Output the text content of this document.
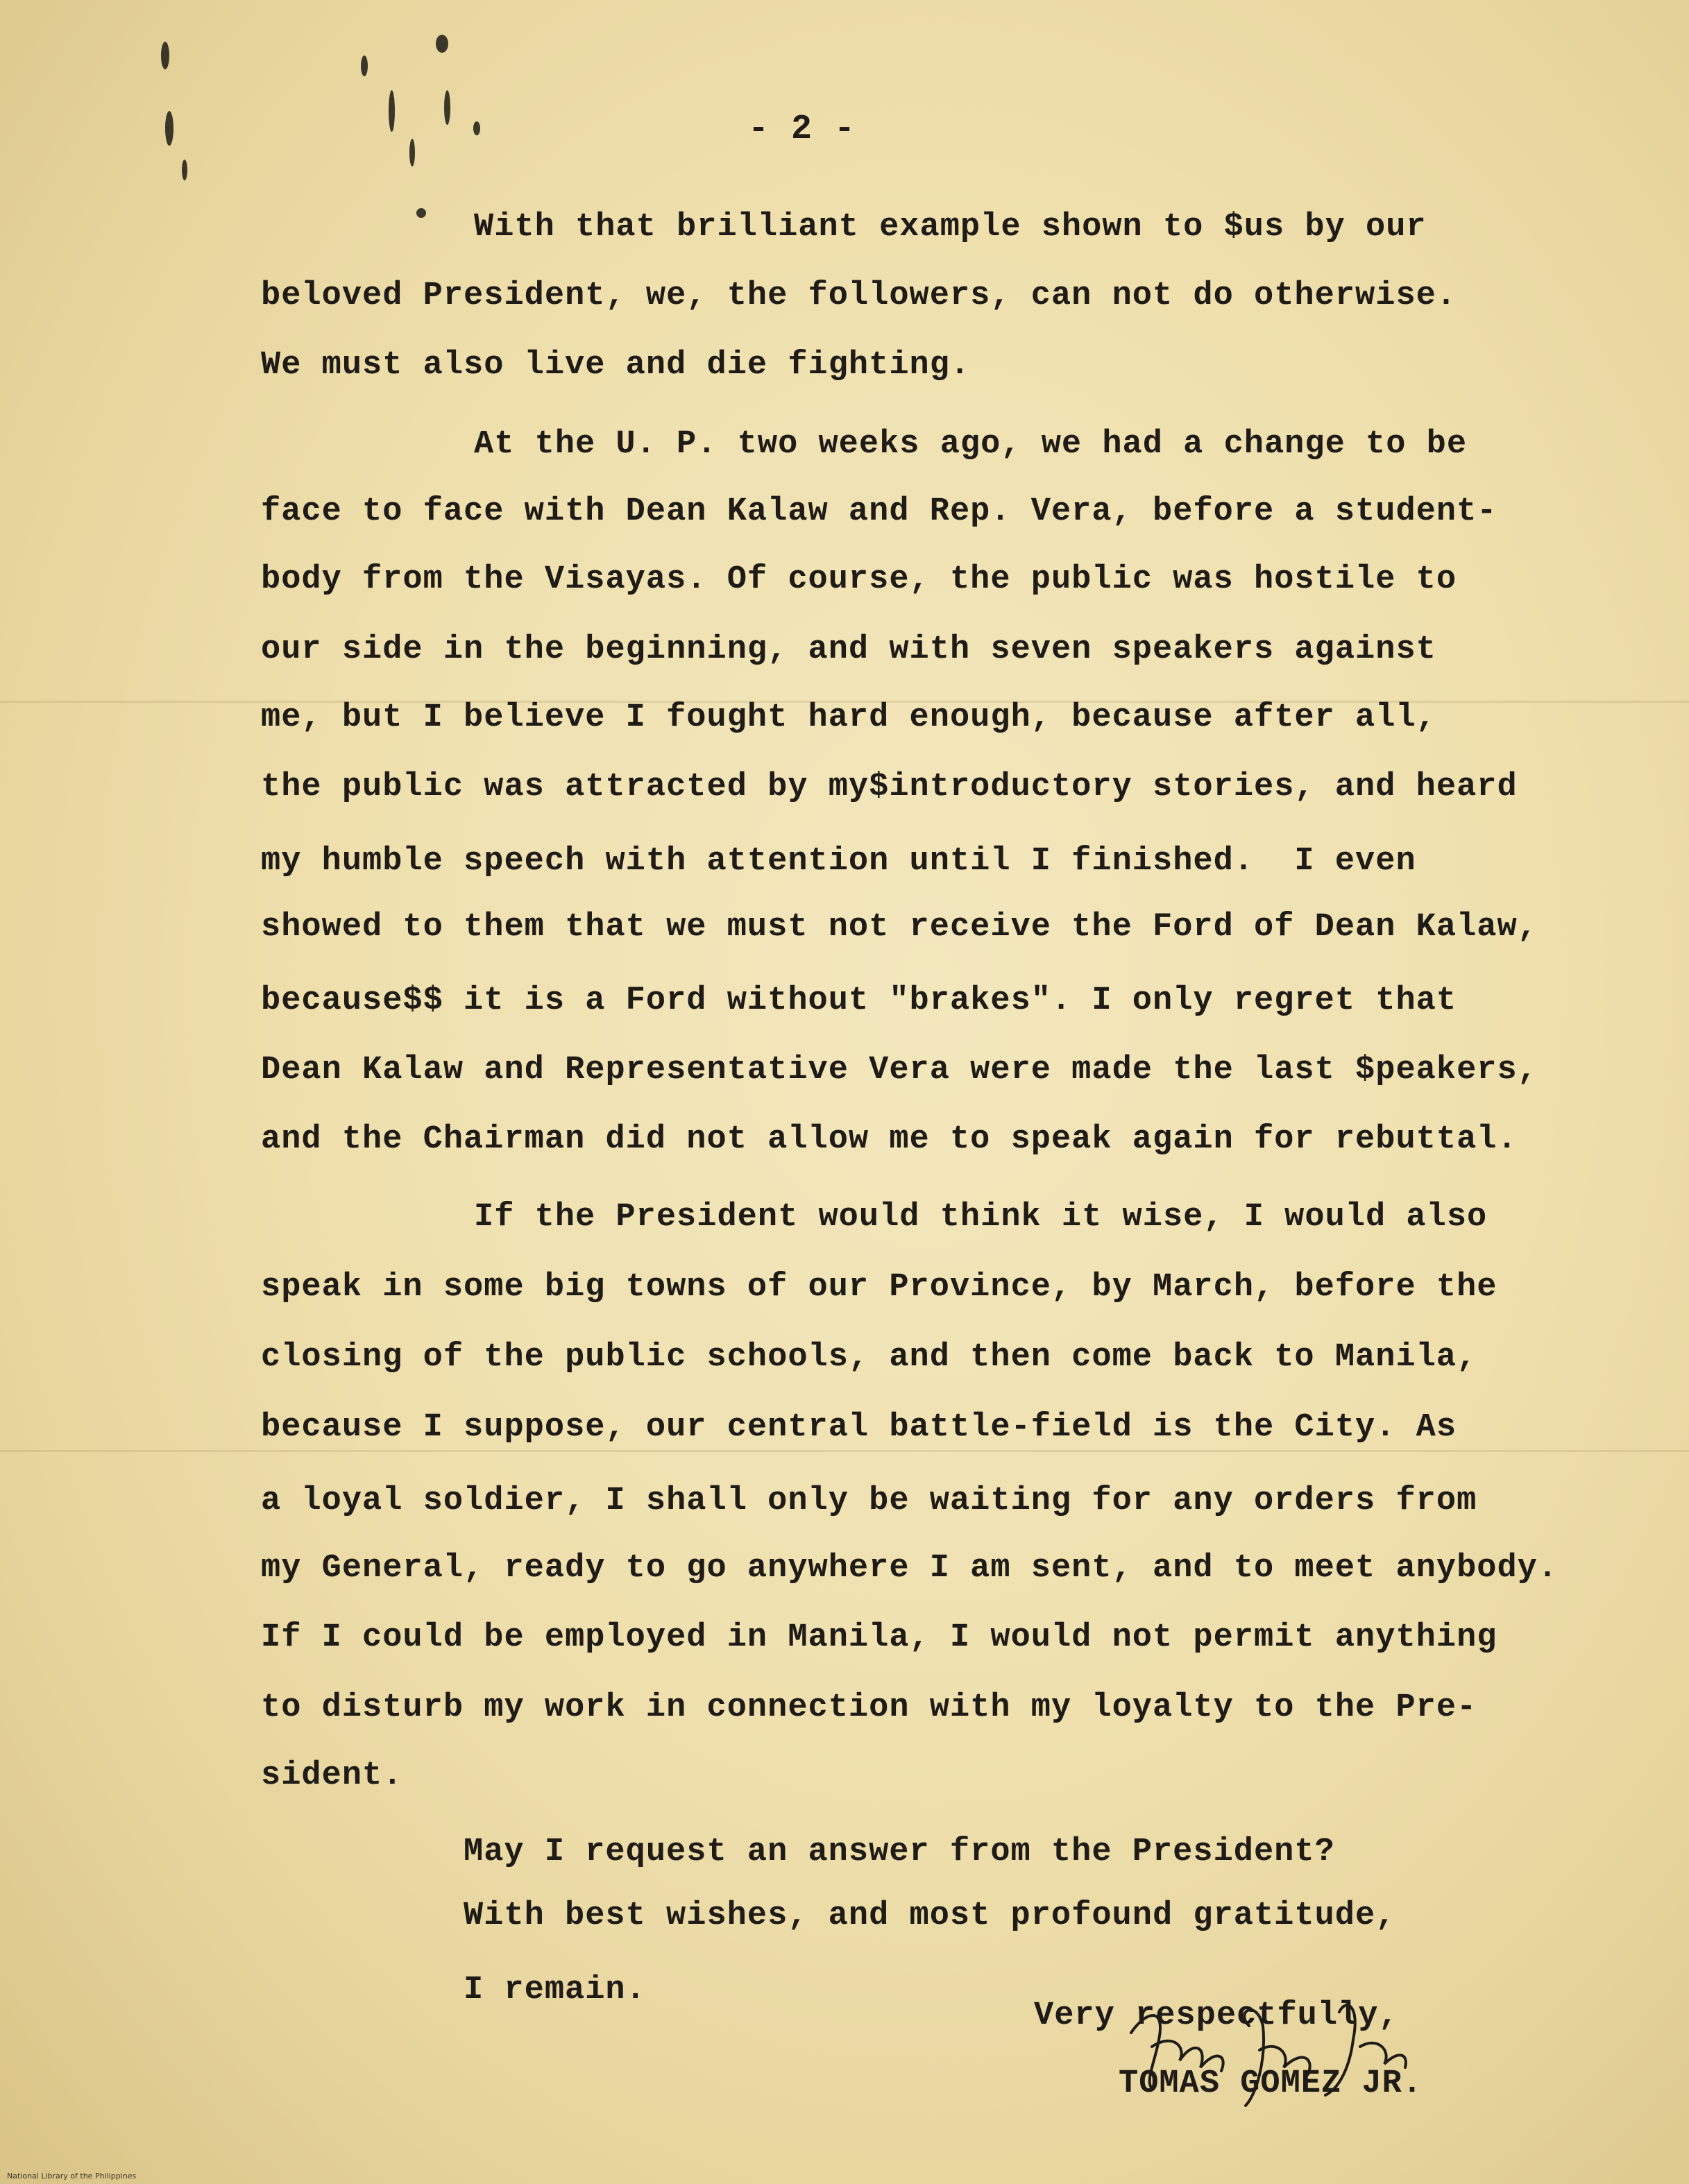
- 2 -
With that brilliant example shown to $us by our
beloved President, we, the followers, can not do otherwise.
We must also live and die fighting.
At the U. P. two weeks ago, we had a change to be
face to face with Dean Kalaw and Rep. Vera, before a student-
body from the Visayas. Of course, the public was hostile to
our side in the beginning, and with seven speakers against
me, but I believe I fought hard enough, because after all,
the public was attracted by my$introductory stories, and heard
my humble speech with attention until I finished.  I even
showed to them that we must not receive the Ford of Dean Kalaw,
because$$ it is a Ford without "brakes". I only regret that
Dean Kalaw and Representative Vera were made the last $peakers,
and the Chairman did not allow me to speak again for rebuttal.
If the President would think it wise, I would also
speak in some big towns of our Province, by March, before the
closing of the public schools, and then come back to Manila,
because I suppose, our central battle-field is the City. As
a loyal soldier, I shall only be waiting for any orders from
my General, ready to go anywhere I am sent, and to meet anybody.
If I could be employed in Manila, I would not permit anything
to disturb my work in connection with my loyalty to the Pre-
sident.
May I request an answer from the President?
With best wishes, and most profound gratitude,
I remain.
Very respectfully,
TOMAS GOMEZ JR.
National Library of the Philippines
